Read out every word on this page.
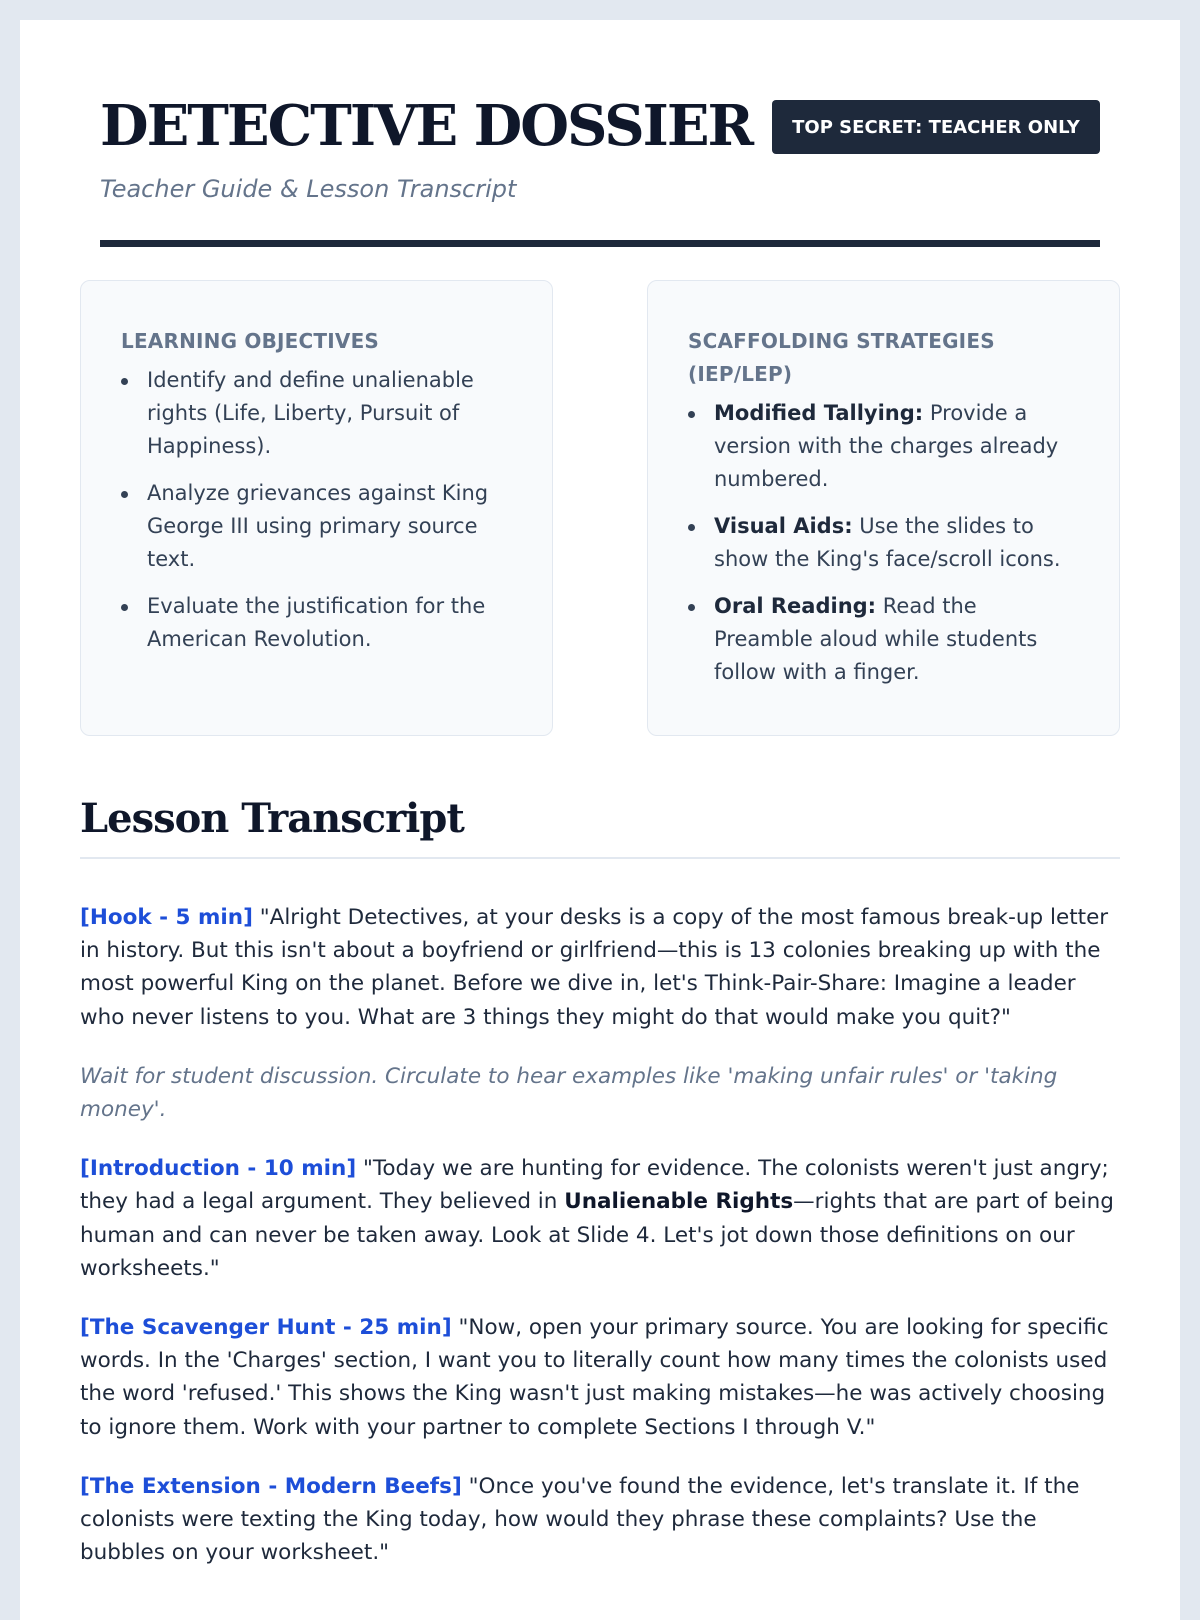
DETECTIVE DOSSIER
Teacher Guide & Lesson Transcript
TOP SECRET: TEACHER ONLY
LEARNING OBJECTIVES
Identify and define unalienable rights (Life, Liberty, Pursuit of Happiness).
Analyze grievances against King George III using primary source text.
Evaluate the justification for the American Revolution.
SCAFFOLDING STRATEGIES (IEP/LEP)
Modified Tallying: Provide a version with the charges already numbered.
Visual Aids: Use the slides to show the King's face/scroll icons.
Oral Reading: Read the Preamble aloud while students follow with a finger.
Lesson Transcript

[Hook - 5 min] "Alright Detectives, at your desks is a copy of the most famous break-up letter in history. But this isn't about a boyfriend or girlfriend—this is 13 colonies breaking up with the most powerful King on the planet. Before we dive in, let's Think-Pair-Share: Imagine a leader who never listens to you. What are 3 things they might do that would make you quit?"

Wait for student discussion. Circulate to hear examples like 'making unfair rules' or 'taking money'.

[Introduction - 10 min] "Today we are hunting for evidence. The colonists weren't just angry; they had a legal argument. They believed in Unalienable Rights—rights that are part of being human and can never be taken away. Look at Slide 4. Let's jot down those definitions on our worksheets."

[The Scavenger Hunt - 25 min] "Now, open your primary source. You are looking for specific words. In the 'Charges' section, I want you to literally count how many times the colonists used the word 'refused.' This shows the King wasn't just making mistakes—he was actively choosing to ignore them. Work with your partner to complete Sections I through V."

[The Extension - Modern Beefs] "Once you've found the evidence, let's translate it. If the colonists were texting the King today, how would they phrase these complaints? Use the bubbles on your worksheet."
